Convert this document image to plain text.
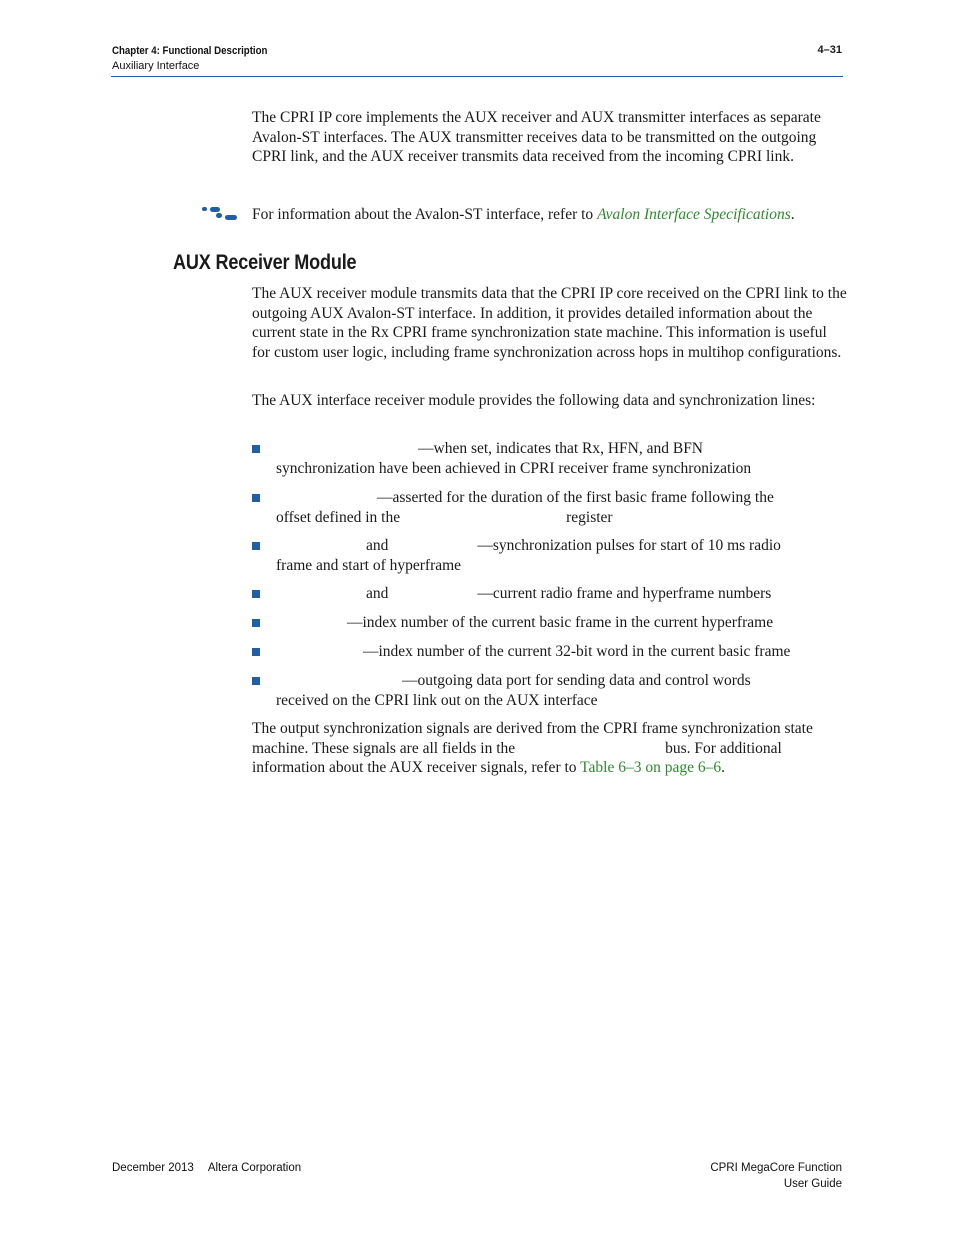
Chapter 4: Functional Description
Auxiliary Interface
4–31

The CPRI IP core implements the AUX receiver and AUX transmitter interfaces as separate Avalon-ST interfaces. The AUX transmitter receives data to be transmitted on the outgoing CPRI link, and the AUX receiver transmits data received from the incoming CPRI link.

For information about the Avalon-ST interface, refer to Avalon Interface Specifications.
AUX Receiver Module

The AUX receiver module transmits data that the CPRI IP core received on the CPRI link to the outgoing AUX Avalon-ST interface. In addition, it provides detailed information about the current state in the Rx CPRI frame synchronization state machine. This information is useful for custom user logic, including frame synchronization across hops in multihop configurations.

The AUX interface receiver module provides the following data and synchronization lines:

—when set, indicates that Rx, HFN, and BFN
synchronization have been achieved in CPRI receiver frame synchronization
—asserted for the duration of the first basic frame following the
offset defined in the	register
and	—synchronization pulses for start of 10 ms radio
frame and start of hyperframe
and	—current radio frame and hyperframe numbers
—index number of the current basic frame in the current hyperframe
—index number of the current 32-bit word in the current basic frame
—outgoing data port for sending data and control words
received on the CPRI link out on the AUX interface
The output synchronization signals are derived from the CPRI frame synchronization state machine. These signals are all fields in the	bus. For additional information about the AUX receiver signals, refer to Table 6–3 on page 6–6.
December 2013 Altera Corporation	CPRI MegaCore Function
User Guide
